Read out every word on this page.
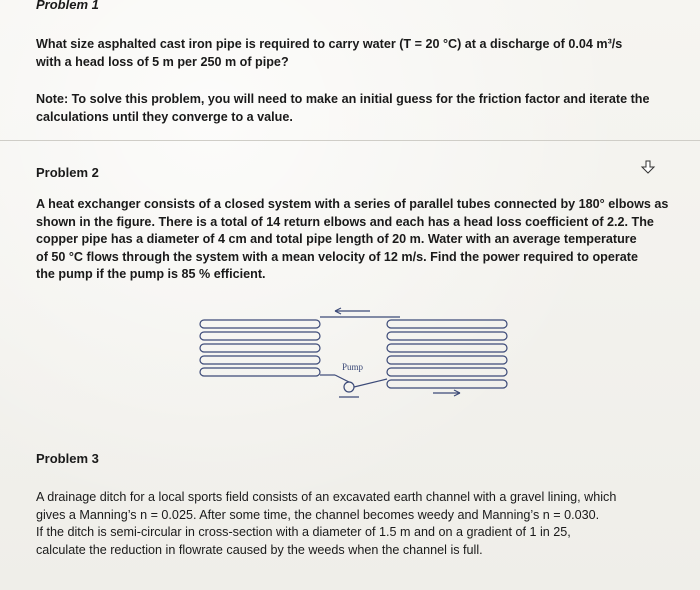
Problem 1
What size asphalted cast iron pipe is required to carry water (T = 20 °C) at a discharge of 0.04 m³/s
with a head loss of 5 m per 250 m of pipe?
Note: To solve this problem, you will need to make an initial guess for the friction factor and iterate the
calculations until they converge to a value.
Problem 2
A heat exchanger consists of a closed system with a series of parallel tubes connected by 180° elbows as
shown in the figure. There is a total of 14 return elbows and each has a head loss coefficient of 2.2. The
copper pipe has a diameter of 4 cm and total pipe length of 20 m. Water with an average temperature
of 50 °C flows through the system with a mean velocity of 12 m/s. Find the power required to operate
the pump if the pump is 85 % efficient.
Pump
Problem 3
A drainage ditch for a local sports field consists of an excavated earth channel with a gravel lining, which
gives a Manning’s n = 0.025. After some time, the channel becomes weedy and Manning’s n = 0.030.
If the ditch is semi-circular in cross-section with a diameter of 1.5 m and on a gradient of 1 in 25,
calculate the reduction in flowrate caused by the weeds when the channel is full.
